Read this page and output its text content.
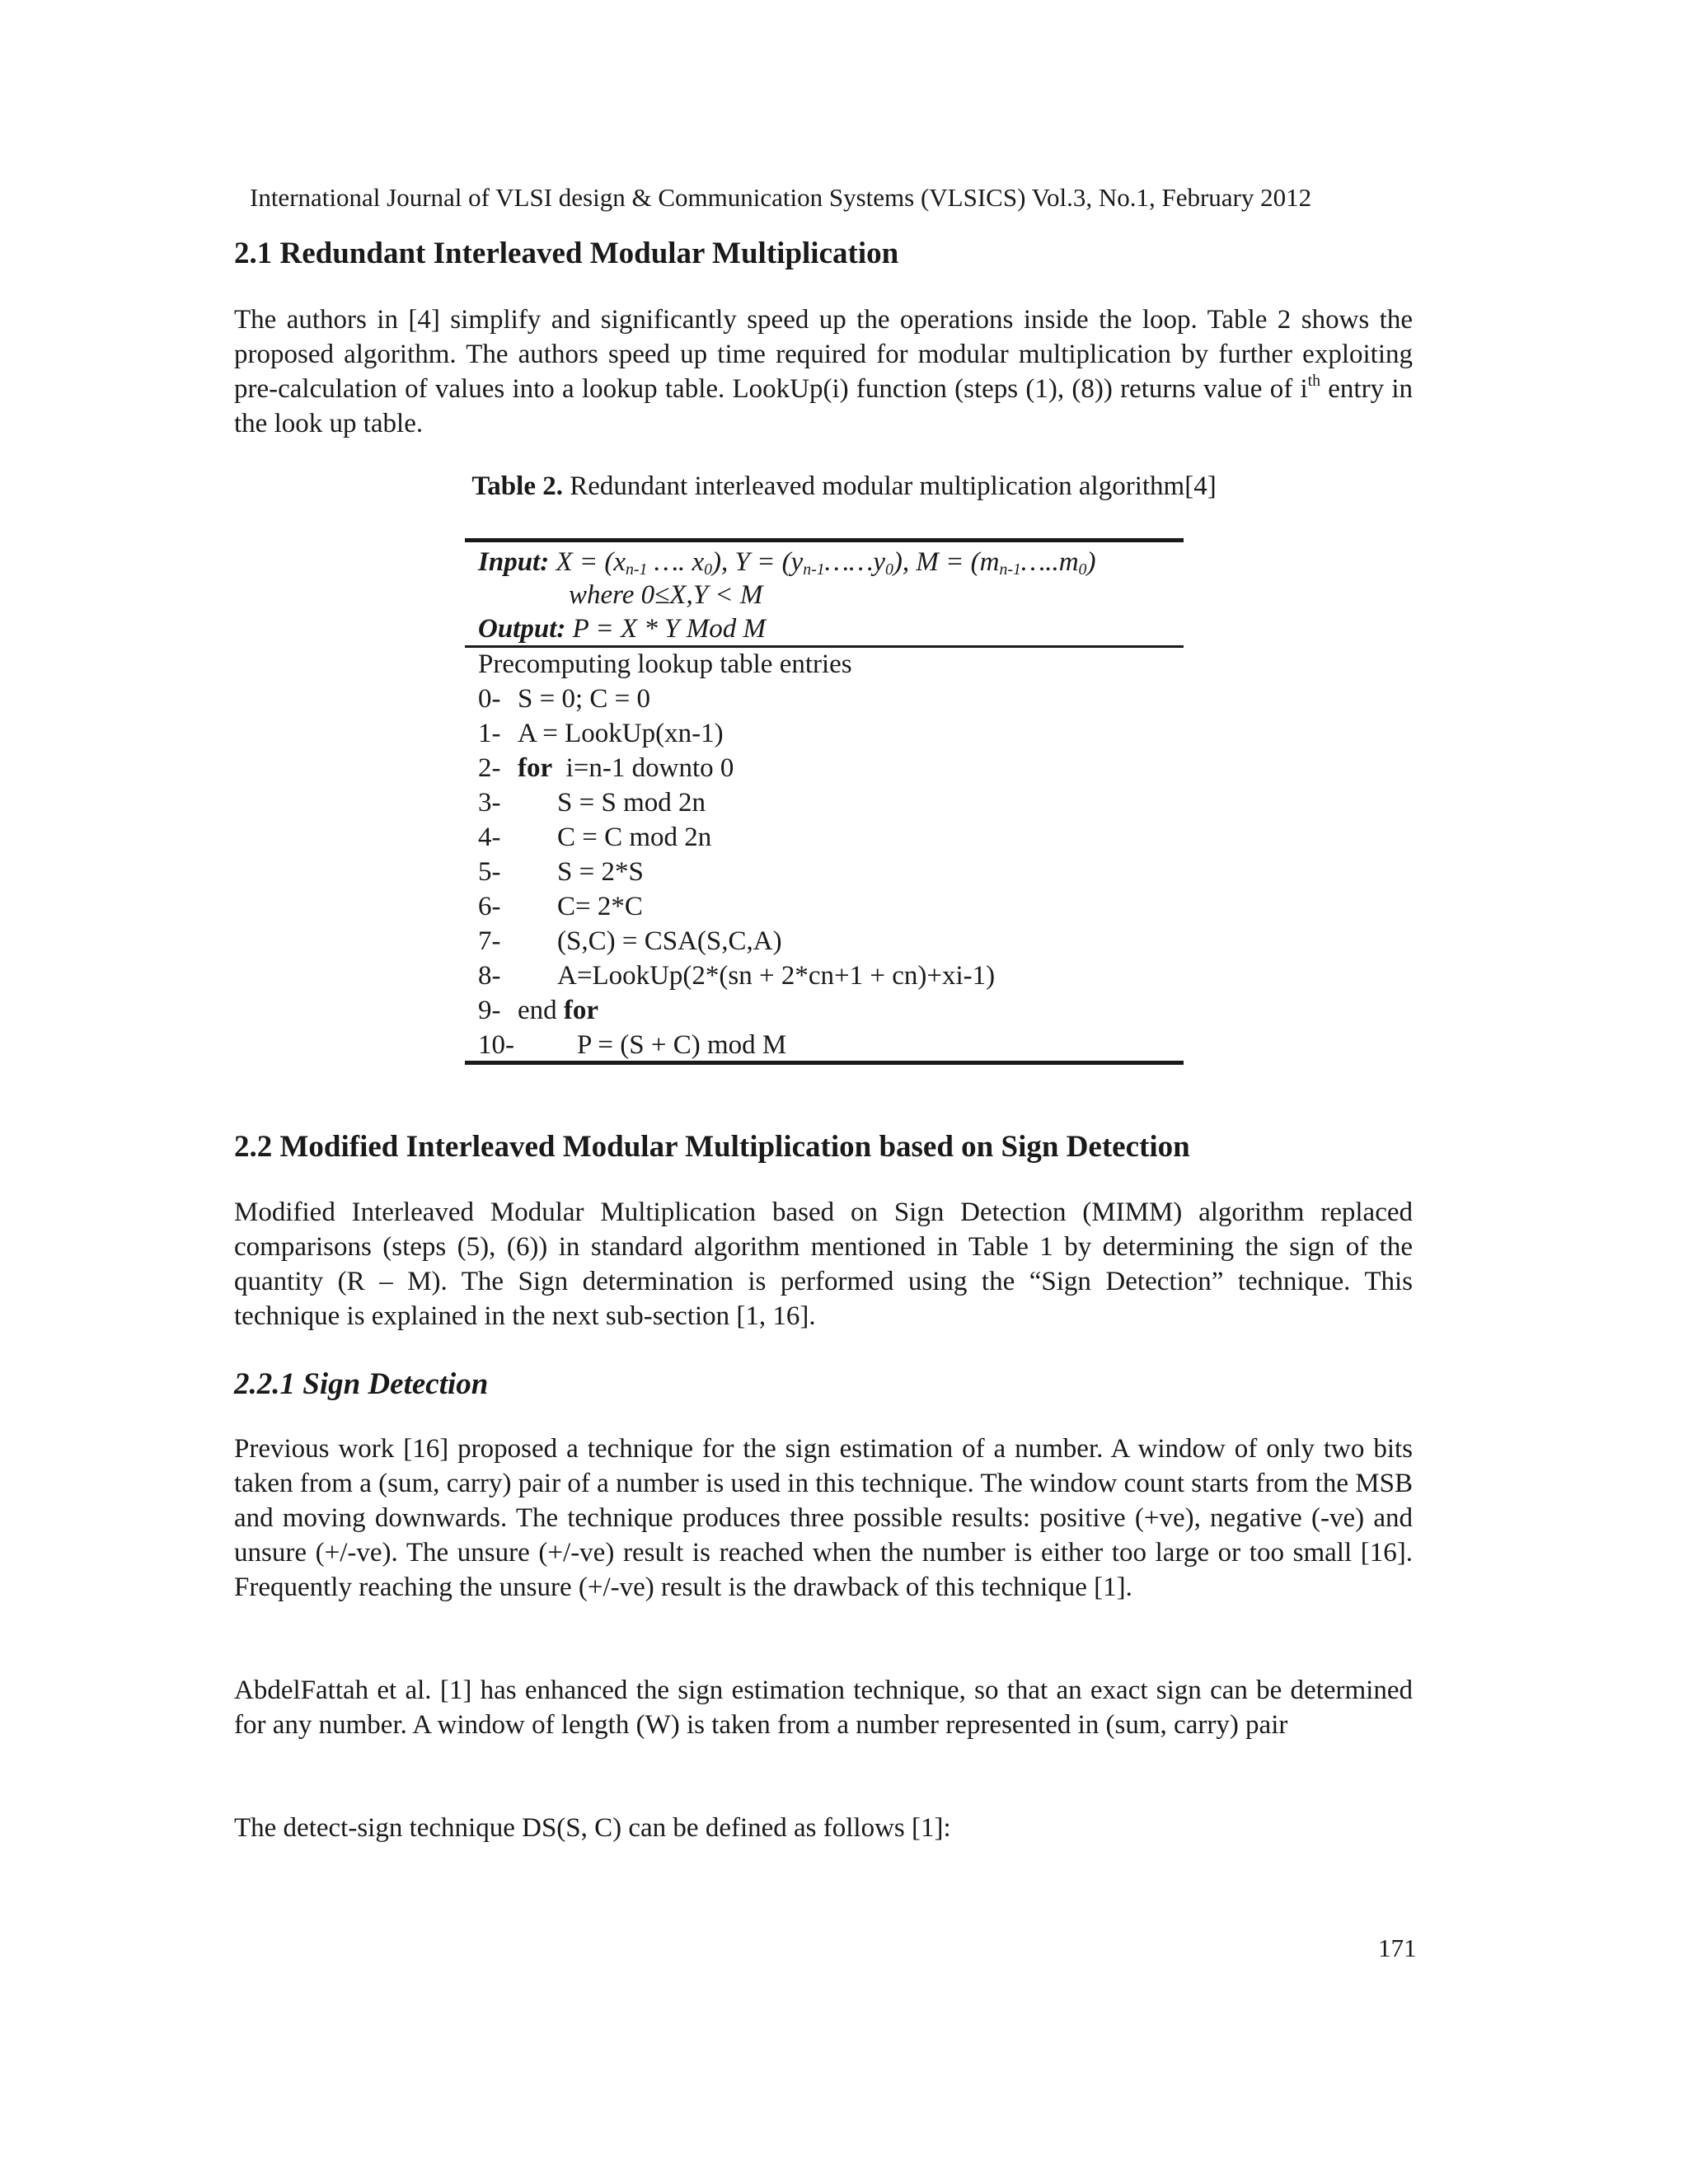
International Journal of VLSI design & Communication Systems (VLSICS) Vol.3, No.1, February 2012
2.1 Redundant Interleaved Modular Multiplication
The authors in [4] simplify and significantly speed up the operations inside the loop. Table 2 shows the proposed algorithm. The authors speed up time required for modular multiplication by further exploiting pre-calculation of values into a lookup table. LookUp(i) function (steps (1), (8)) returns value of $i^{th}$ entry in the look up table.
Table 2. Redundant interleaved modular multiplication algorithm[4]
Input: $X = (x_{n-1}$ …. $x_0$), $Y = (y_{n-1}\dots\dots y_0)$, $M = (m_{n-1}\dots..m_0)$
where 0≤X,Y < M
Output: P = X * Y Mod M
Precomputing lookup table entries
0- S = 0; C = 0
1- A = LookUp(xn-1)
2- for  i=n-1 downto 0
3- S = S mod 2n
4- C = C mod 2n
5- S = 2*S
6- C= 2*C
7- (S,C) = CSA(S,C,A)
8- A=LookUp(2*(sn + 2*cn+1 + cn)+xi-1)
9- end for
10- P = (S + C) mod M
2.2 Modified Interleaved Modular Multiplication based on Sign Detection
Modified Interleaved Modular Multiplication based on Sign Detection (MIMM) algorithm replaced comparisons (steps (5), (6)) in standard algorithm mentioned in Table 1 by determining the sign of the quantity (R – M). The Sign determination is performed using the “Sign Detection” technique. This technique is explained in the next sub-section [1, 16].
2.2.1 Sign Detection
Previous work [16] proposed a technique for the sign estimation of a number. A window of only two bits taken from a (sum, carry) pair of a number is used in this technique. The window count starts from the MSB and moving downwards. The technique produces three possible results: positive (+ve), negative (-ve) and unsure (+/-ve). The unsure (+/-ve) result is reached when the number is either too large or too small [16]. Frequently reaching the unsure (+/-ve) result is the drawback of this technique [1].
AbdelFattah et al. [1] has enhanced the sign estimation technique, so that an exact sign can be determined for any number. A window of length (W) is taken from a number represented in (sum, carry) pair
The detect-sign technique DS(S, C) can be defined as follows [1]:
171
